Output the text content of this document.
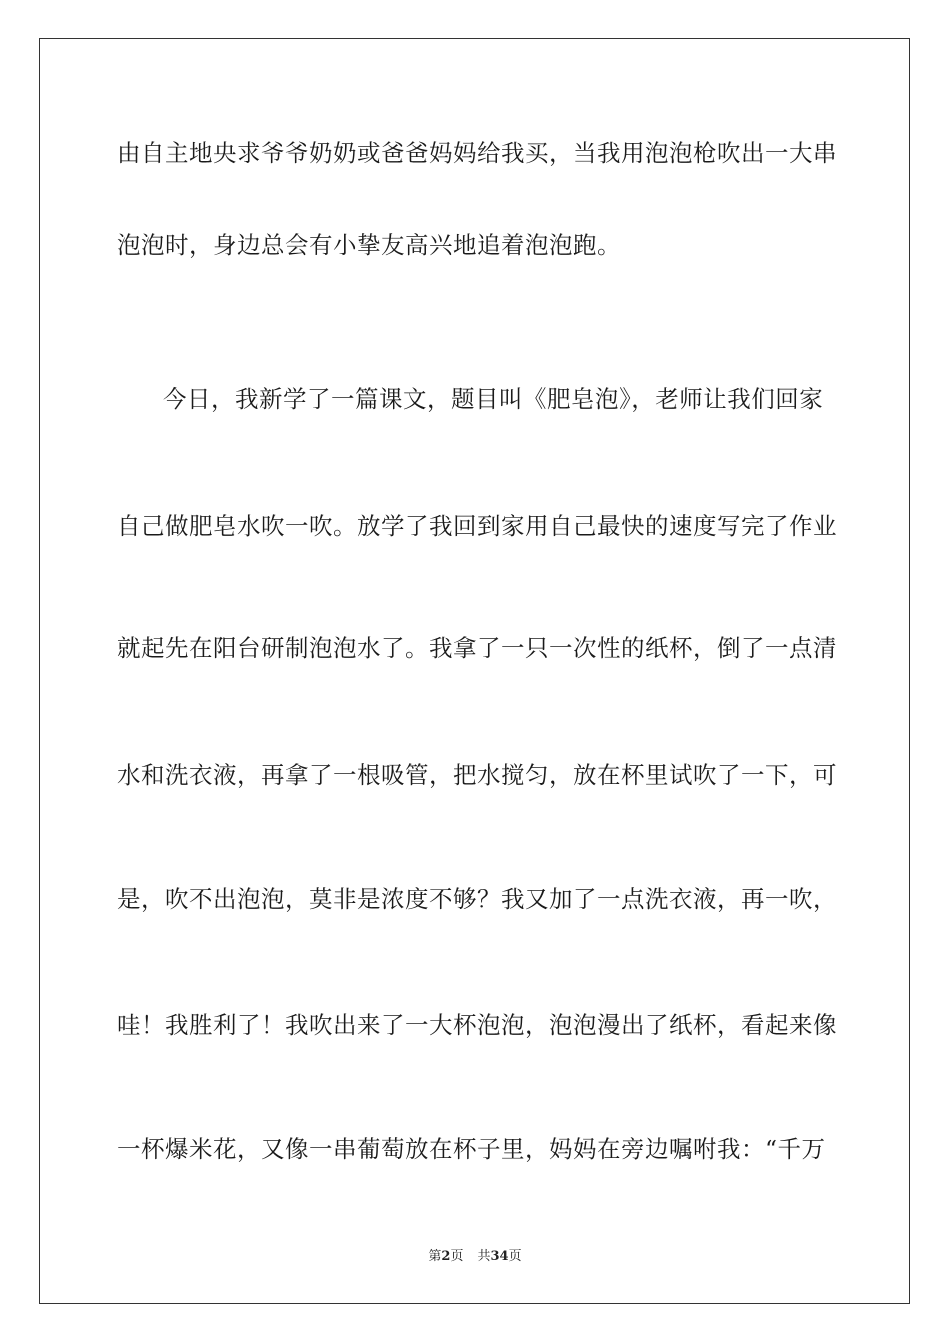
由自主地央求爷爷奶奶或爸爸妈妈给我买，当我用泡泡枪吹出一大串
泡泡时，身边总会有小挚友高兴地追着泡泡跑。
今日，我新学了一篇课文，题目叫《肥皂泡》，老师让我们回家
自己做肥皂水吹一吹。放学了我回到家用自己最快的速度写完了作业
就起先在阳台研制泡泡水了。我拿了一只一次性的纸杯，倒了一点清
水和洗衣液，再拿了一根吸管，把水搅匀，放在杯里试吹了一下，可
是，吹不出泡泡，莫非是浓度不够？我又加了一点洗衣液，再一吹，
哇！我胜利了！我吹出来了一大杯泡泡，泡泡漫出了纸杯，看起来像
一杯爆米花，又像一串葡萄放在杯子里，妈妈在旁边嘱咐我：“千万
第2页 共34页
